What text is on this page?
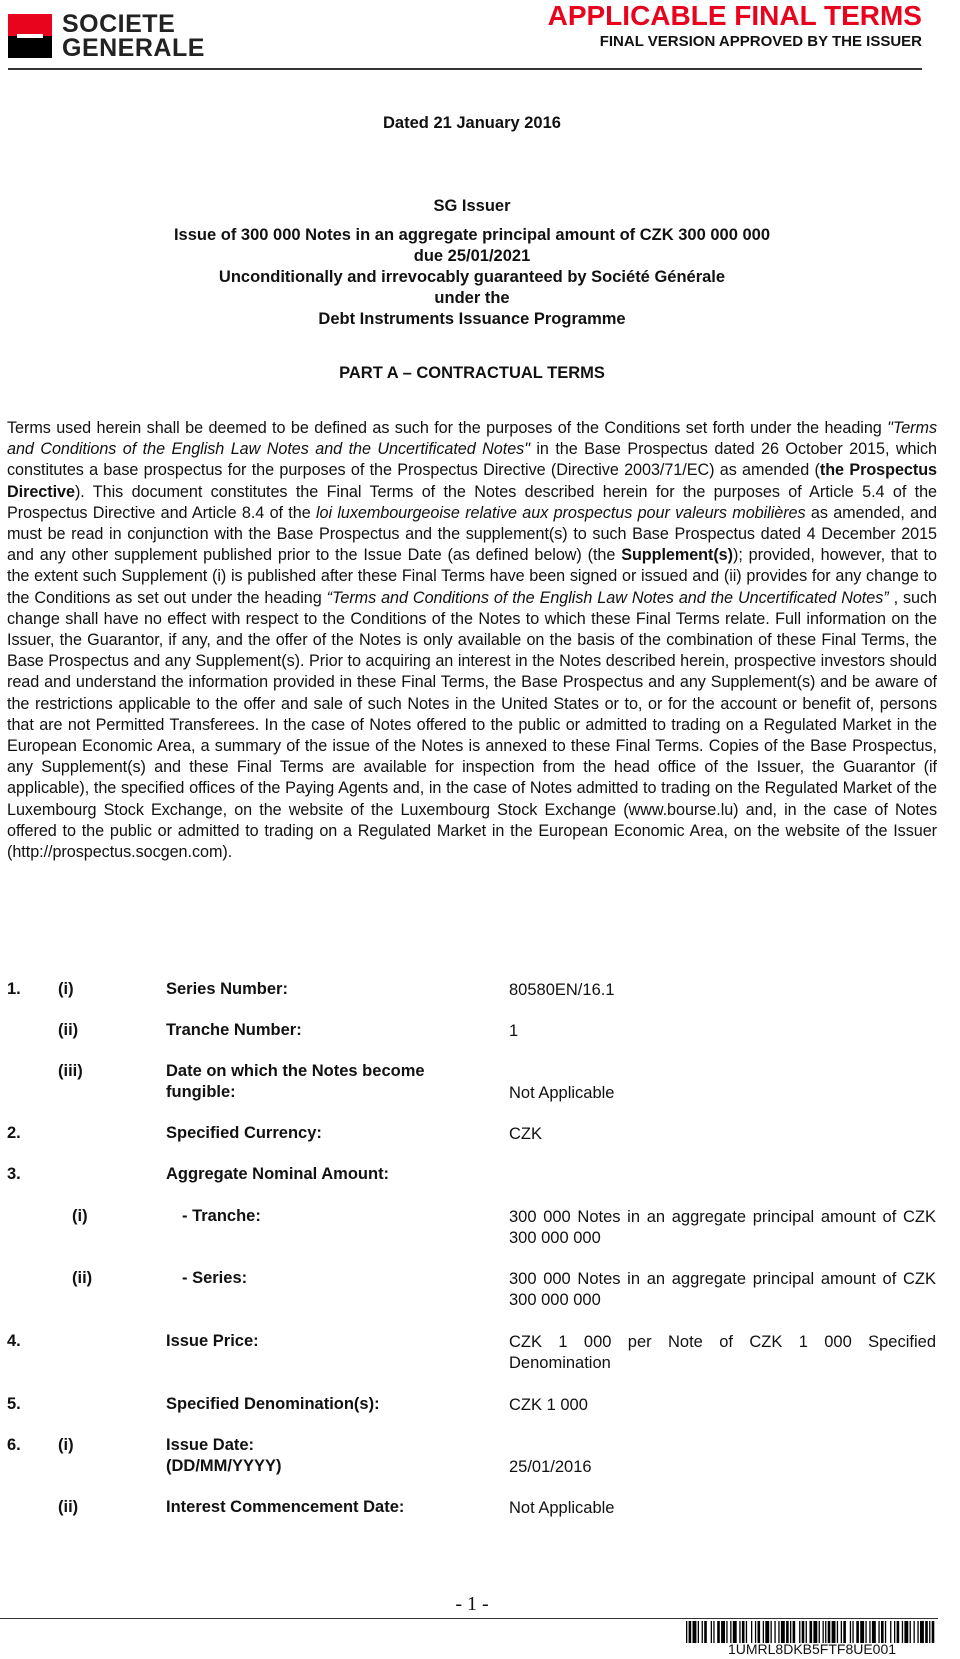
SOCIETE
GENERALE
APPLICABLE FINAL TERMS
FINAL VERSION APPROVED BY THE ISSUER
Dated 21 January 2016
SG Issuer
Issue of 300 000 Notes in an aggregate principal amount of CZK 300 000 000
due 25/01/2021
Unconditionally and irrevocably guaranteed by Société Générale
under the
Debt Instruments Issuance Programme
PART A – CONTRACTUAL TERMS
Terms used herein shall be deemed to be defined as such for the purposes of the Conditions set forth under the heading "Terms and Conditions of the English Law Notes and the Uncertificated Notes" in the Base Prospectus dated 26 October 2015, which constitutes a base prospectus for the purposes of the Prospectus Directive (Directive 2003/71/EC) as amended (the Prospectus Directive). This document constitutes the Final Terms of the Notes described herein for the purposes of Article 5.4 of the Prospectus Directive and Article 8.4 of the loi luxembourgeoise relative aux prospectus pour valeurs mobilières as amended, and must be read in conjunction with the Base Prospectus and the supplement(s) to such Base Prospectus dated 4 December 2015 and any other supplement published prior to the Issue Date (as defined below) (the Supplement(s)); provided, however, that to the extent such Supplement (i) is published after these Final Terms have been signed or issued and (ii) provides for any change to the Conditions as set out under the heading “Terms and Conditions of the English Law Notes and the Uncertificated Notes” , such change shall have no effect with respect to the Conditions of the Notes to which these Final Terms relate. Full information on the Issuer, the Guarantor, if any, and the offer of the Notes is only available on the basis of the combination of these Final Terms, the Base Prospectus and any Supplement(s). Prior to acquiring an interest in the Notes described herein, prospective investors should read and understand the information provided in these Final Terms, the Base Prospectus and any Supplement(s) and be aware of the restrictions applicable to the offer and sale of such Notes in the United States or to, or for the account or benefit of, persons that are not Permitted Transferees. In the case of Notes offered to the public or admitted to trading on a Regulated Market in the European Economic Area, a summary of the issue of the Notes is annexed to these Final Terms. Copies of the Base Prospectus, any Supplement(s) and these Final Terms are available for inspection from the head office of the Issuer, the Guarantor (if applicable), the specified offices of the Paying Agents and, in the case of Notes admitted to trading on the Regulated Market of the Luxembourg Stock Exchange, on the website of the Luxembourg Stock Exchange (www.bourse.lu) and, in the case of Notes offered to the public or admitted to trading on a Regulated Market in the European Economic Area, on the website of the Issuer (http://prospectus.socgen.com).
1. (i)	Series Number:	80580EN/16.1
(ii)	Tranche Number:	1
(iii)	Date on which the Notes become
fungible:	Not Applicable
2.	Specified Currency:	CZK
3.	Aggregate Nominal Amount:
(i)	- Tranche:	300 000 Notes in an aggregate principal amount of CZK 300 000 000
(ii)	- Series:	300 000 Notes in an aggregate principal amount of CZK 300 000 000
4.	Issue Price:	CZK 1 000 per Note of CZK 1 000 Specified Denomination
5.	Specified Denomination(s):	CZK 1 000
6. (i)	Issue Date:
(DD/MM/YYYY)	25/01/2016
(ii)	Interest Commencement Date:	Not Applicable
- 1 -
1UMRL8DKB5FTF8UE001
